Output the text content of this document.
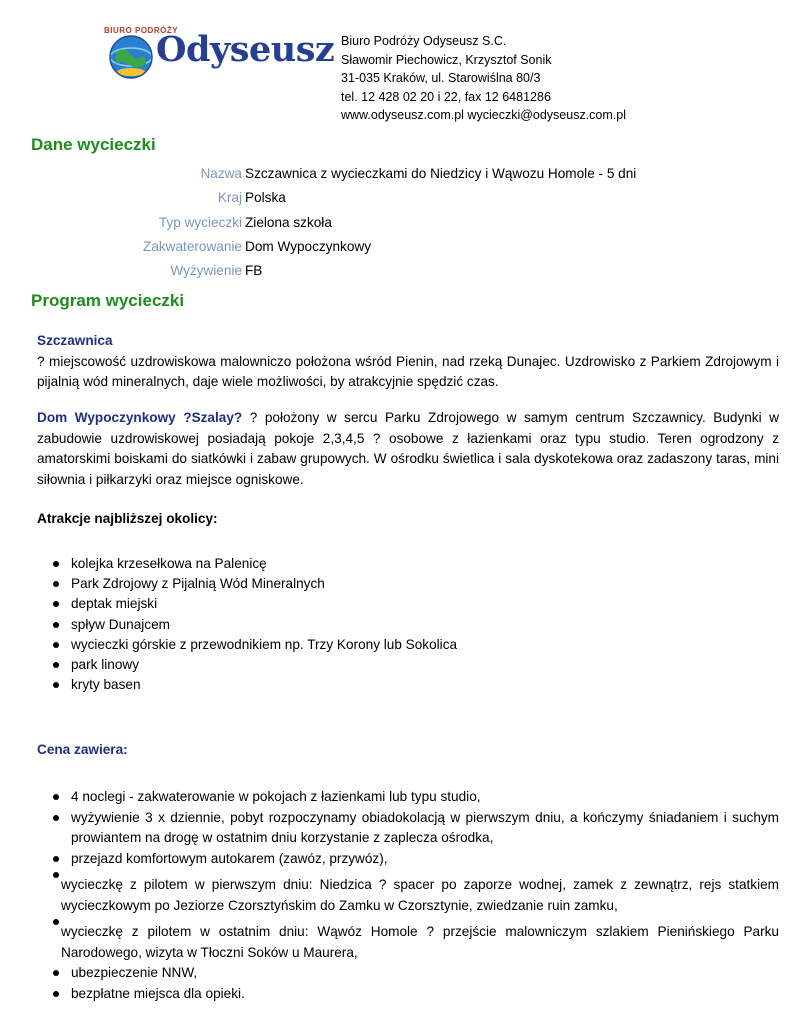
BIURO PODRÓŻY
Odyseusz Biuro Podróży Odyseusz S.C.
Sławomir Piechowicz, Krzysztof Sonik
31-035 Kraków, ul. Starowiślna 80/3
tel. 12 428 02 20 i 22, fax 12 6481286
www.odyseusz.com.pl wycieczki@odyseusz.com.pl
Dane wycieczki
Nazwa Szczawnica z wycieczkami do Niedzicy i Wąwozu Homole - 5 dni
Kraj Polska
Typ wycieczki Zielona szkoła
Zakwaterowanie Dom Wypoczynkowy
Wyżywienie FB
Program wycieczki
Szczawnica
? miejscowość uzdrowiskowa malowniczo położona wśród Pienin, nad rzeką Dunajec. Uzdrowisko z Parkiem Zdrojowym i pijalnią wód mineralnych, daje wiele możliwości, by atrakcyjnie spędzić czas.
Dom Wypoczynkowy ?Szalay? ? położony w sercu Parku Zdrojowego w samym centrum Szczawnicy. Budynki w zabudowie uzdrowiskowej posiadają pokoje 2,3,4,5 ? osobowe z łazienkami oraz typu studio. Teren ogrodzony z amatorskimi boiskami do siatkówki i zabaw grupowych. W ośrodku świetlica i sala dyskotekowa oraz zadaszony taras, mini siłownia i piłkarzyki oraz miejsce ogniskowe.
Atrakcje najbliższej okolicy:
kolejka krzesełkowa na Palenicę
Park Zdrojowy z Pijalnią Wód Mineralnych
deptak miejski
spływ Dunajcem
wycieczki górskie z przewodnikiem np. Trzy Korony lub Sokolica
park linowy
kryty basen
Cena zawiera:
4 noclegi - zakwaterowanie w pokojach z łazienkami lub typu studio,
wyżywienie 3 x dziennie, pobyt rozpoczynamy obiadokolacją w pierwszym dniu, a kończymy śniadaniem i suchym prowiantem na drogę w ostatnim dniu korzystanie z zaplecza ośrodka,
przejazd komfortowym autokarem (zawóz, przywóz),
wycieczkę z pilotem w pierwszym dniu: Niedzica ? spacer po zaporze wodnej, zamek z zewnątrz, rejs statkiem wycieczkowym po Jeziorze Czorsztyńskim do Zamku w Czorsztynie, zwiedzanie ruin zamku,
wycieczkę z pilotem w ostatnim dniu: Wąwóz Homole ? przejście malowniczym szlakiem Pienińskiego Parku Narodowego, wizyta w Tłoczni Soków u Maurera,
ubezpieczenie NNW,
bezpłatne miejsca dla opieki.
